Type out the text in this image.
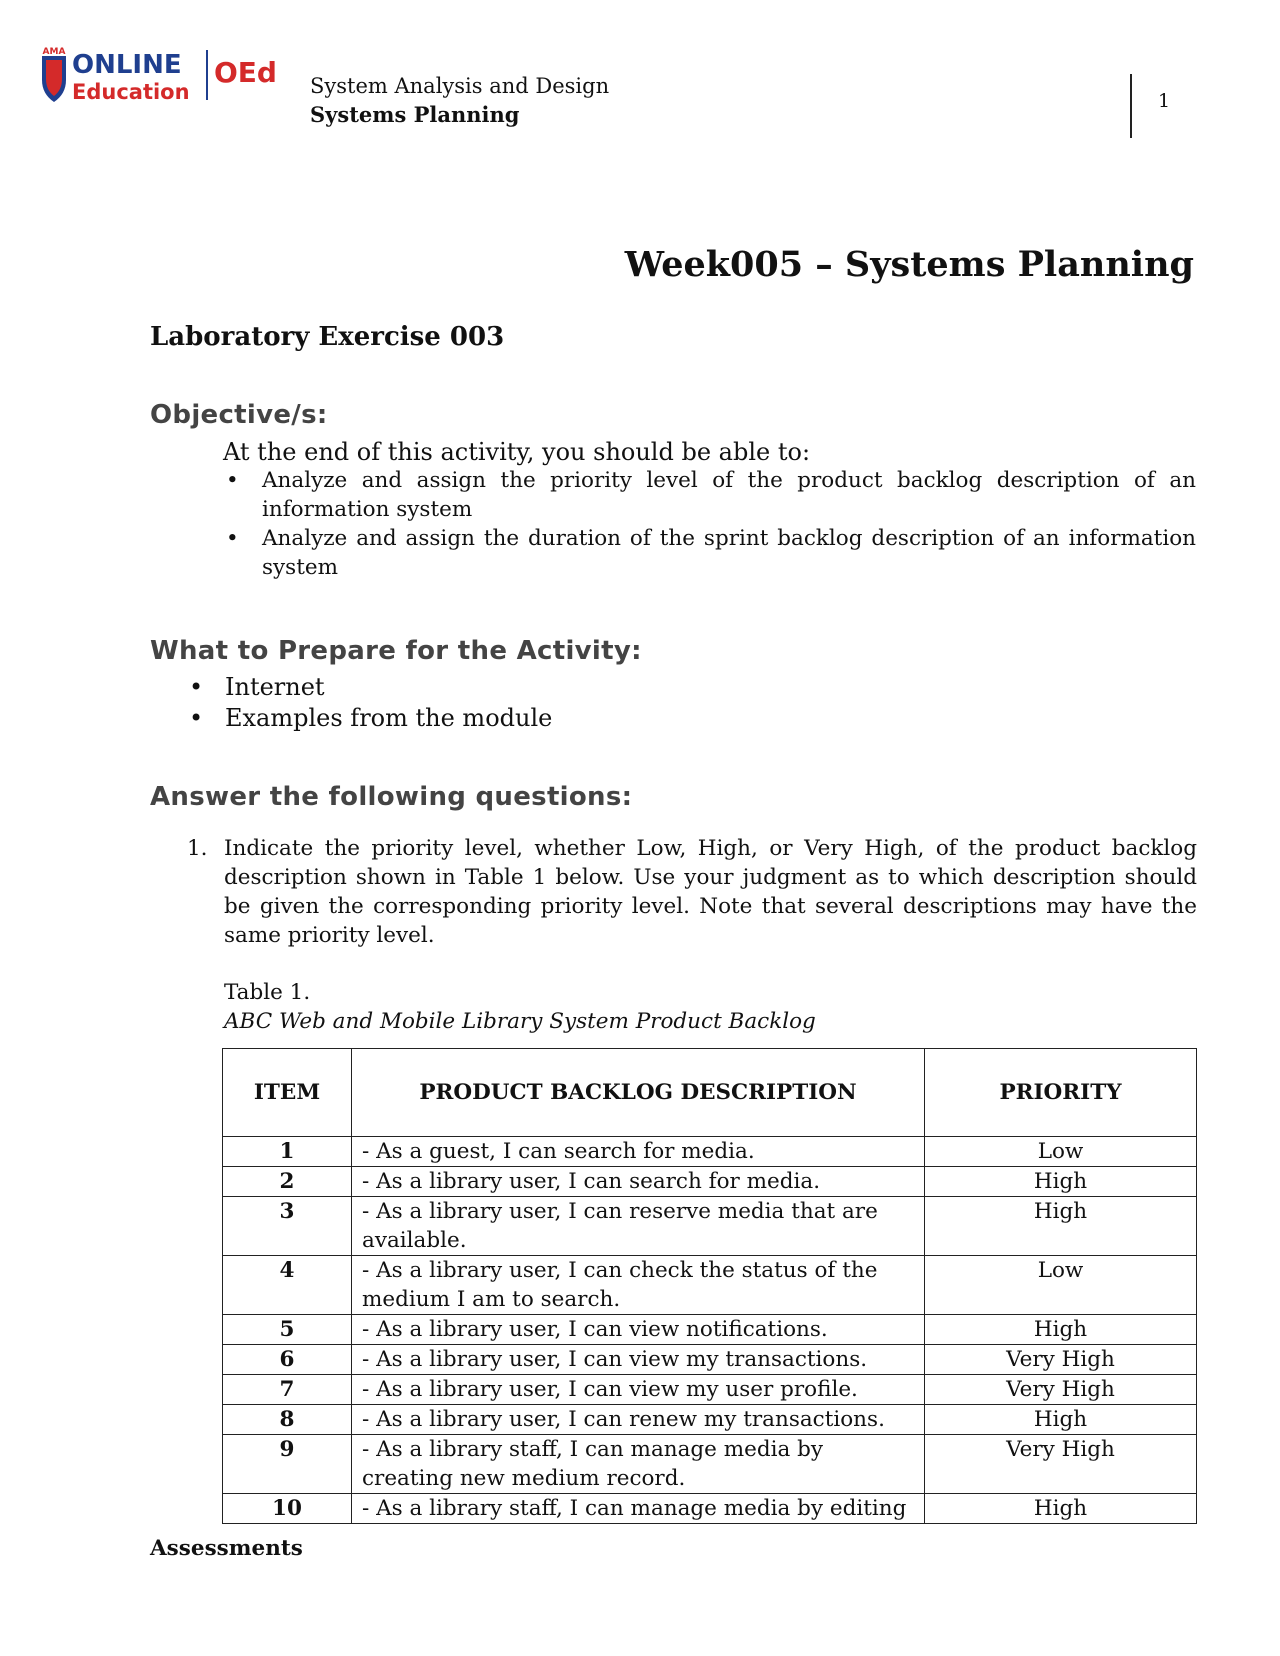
AMA ONLINE
Education
OEd System Analysis and Design
Systems Planning
1
Week005 – Systems Planning
Laboratory Exercise 003
Objective/s:
At the end of this activity, you should be able to:
• Analyze and assign the priority level of the product backlog description of an information system
• Analyze and assign the duration of the sprint backlog description of an information system
What to Prepare for the Activity:
• Internet
• Examples from the module
Answer the following questions:
1. Indicate the priority level, whether Low, High, or Very High, of the product backlog description shown in Table 1 below. Use your judgment as to which description should be given the corresponding priority level. Note that several descriptions may have the same priority level.
Table 1.
ABC Web and Mobile Library System Product Backlog
ITEM	PRODUCT BACKLOG DESCRIPTION	PRIORITY
1	- As a guest, I can search for media.	Low
2	- As a library user, I can search for media.	High
3	- As a library user, I can reserve media that are available.	High
4	- As a library user, I can check the status of the medium I am to search.	Low
5	- As a library user, I can view notifications.	High
6	- As a library user, I can view my transactions.	Very High
7	- As a library user, I can view my user profile.	Very High
8	- As a library user, I can renew my transactions.	High
9	- As a library staff, I can manage media by creating new medium record.	Very High
10	- As a library staff, I can manage media by editing	High
Assessments
